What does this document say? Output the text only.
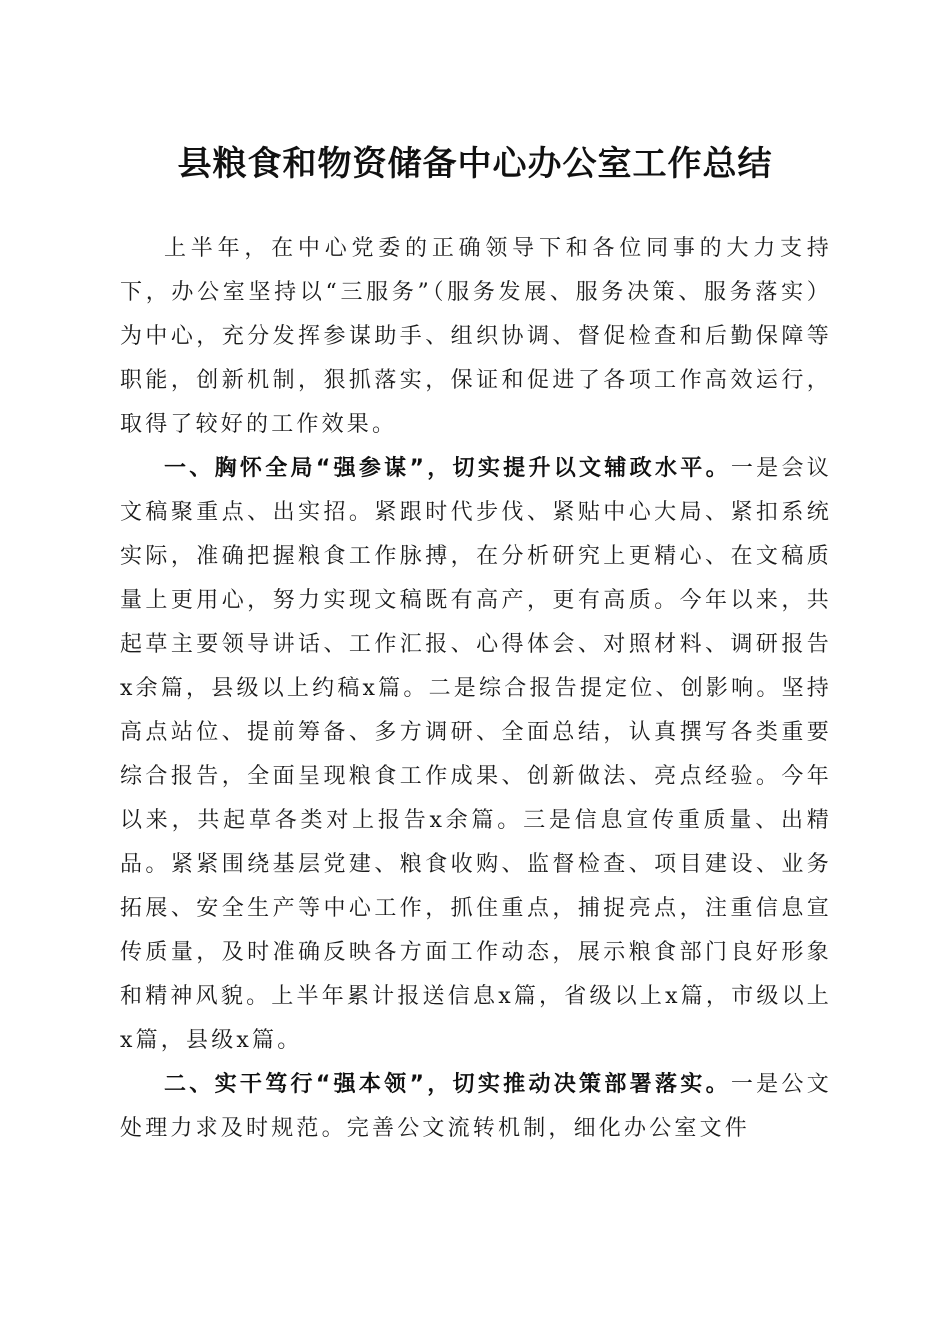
县粮食和物资储备中心办公室工作总结

上半年，在中心党委的正确领导下和各位同事的大力支持下，办公室坚持以“三服务”（服务发展、服务决策、服务落实）为中心，充分发挥参谋助手、组织协调、督促检查和后勤保障等职能，创新机制，狠抓落实，保证和促进了各项工作高效运行，取得了较好的工作效果。

一、胸怀全局“强参谋”，切实提升以文辅政水平。一是会议文稿聚重点、出实招。紧跟时代步伐、紧贴中心大局、紧扣系统实际，准确把握粮食工作脉搏，在分析研究上更精心、在文稿质量上更用心，努力实现文稿既有高产，更有高质。今年以来，共起草主要领导讲话、工作汇报、心得体会、对照材料、调研报告x余篇，县级以上约稿x篇。二是综合报告提定位、创影响。坚持高点站位、提前筹备、多方调研、全面总结，认真撰写各类重要综合报告，全面呈现粮食工作成果、创新做法、亮点经验。今年以来，共起草各类对上报告x余篇。三是信息宣传重质量、出精品。紧紧围绕基层党建、粮食收购、监督检查、项目建设、业务拓展、安全生产等中心工作，抓住重点，捕捉亮点，注重信息宣传质量，及时准确反映各方面工作动态，展示粮食部门良好形象和精神风貌。上半年累计报送信息x篇，省级以上x篇，市级以上x篇，县级x篇。

二、实干笃行“强本领”，切实推动决策部署落实。一是公文处理力求及时规范。完善公文流转机制，细化办公室文件
